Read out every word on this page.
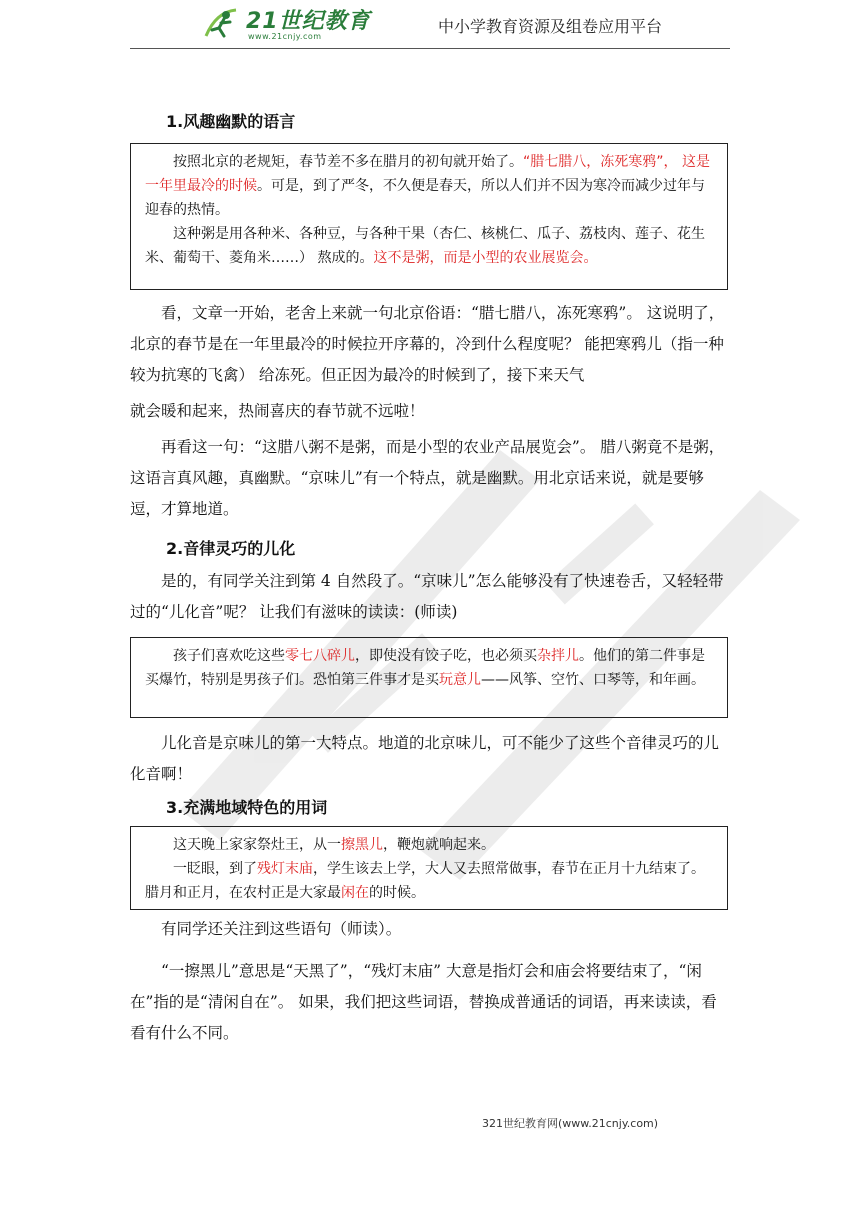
21世纪教育
www.21cnjy.com
中小学教育资源及组卷应用平台
1.风趣幽默的语言

按照北京的老规矩，春节差不多在腊月的初旬就开始了。“腊七腊八，冻死寒鸦”， 这是一年里最冷的时候。可是，到了严冬，不久便是春天，所以人们并不因为寒冷而减少过年与迎春的热情。

这种粥是用各种米、各种豆，与各种干果（杏仁、核桃仁、瓜子、荔枝肉、莲子、花生米、葡萄干、菱角米……） 熬成的。这不是粥，而是小型的农业展览会。

看，文章一开始，老舍上来就一句北京俗语：“腊七腊八，冻死寒鸦”。 这说明了，北京的春节是在一年里最冷的时候拉开序幕的，冷到什么程度呢？ 能把寒鸦儿（指一种较为抗寒的飞禽） 给冻死。但正因为最冷的时候到了，接下来天气

就会暖和起来，热闹喜庆的春节就不远啦！

再看这一句：“这腊八粥不是粥，而是小型的农业产品展览会”。 腊八粥竟不是粥，这语言真风趣，真幽默。“京味儿”有一个特点，就是幽默。用北京话来说，就是要够逗，才算地道。

2.音律灵巧的儿化

是的，有同学关注到第 4 自然段了。“京味儿”怎么能够没有了快速卷舌，又轻轻带过的“儿化音”呢？ 让我们有滋味的读读：(师读)

孩子们喜欢吃这些零七八碎儿，即使没有饺子吃，也必须买杂拌儿。他们的第二件事是买爆竹，特别是男孩子们。恐怕第三件事才是买玩意儿——风筝、空竹、口琴等，和年画。

儿化音是京味儿的第一大特点。地道的北京味儿，可不能少了这些个音律灵巧的儿化音啊！

3.充满地域特色的用词

这天晚上家家祭灶王，从一擦黑儿，鞭炮就响起来。

一眨眼，到了残灯末庙，学生该去上学，大人又去照常做事，春节在正月十九结束了。腊月和正月，在农村正是大家最闲在的时候。

有同学还关注到这些语句（师读）。

“一擦黑儿”意思是“天黑了”，“残灯末庙” 大意是指灯会和庙会将要结束了，“闲在”指的是“清闲自在”。 如果，我们把这些词语，替换成普通话的词语，再来读读，看看有什么不同。

321世纪教育网(www.21cnjy.com)
